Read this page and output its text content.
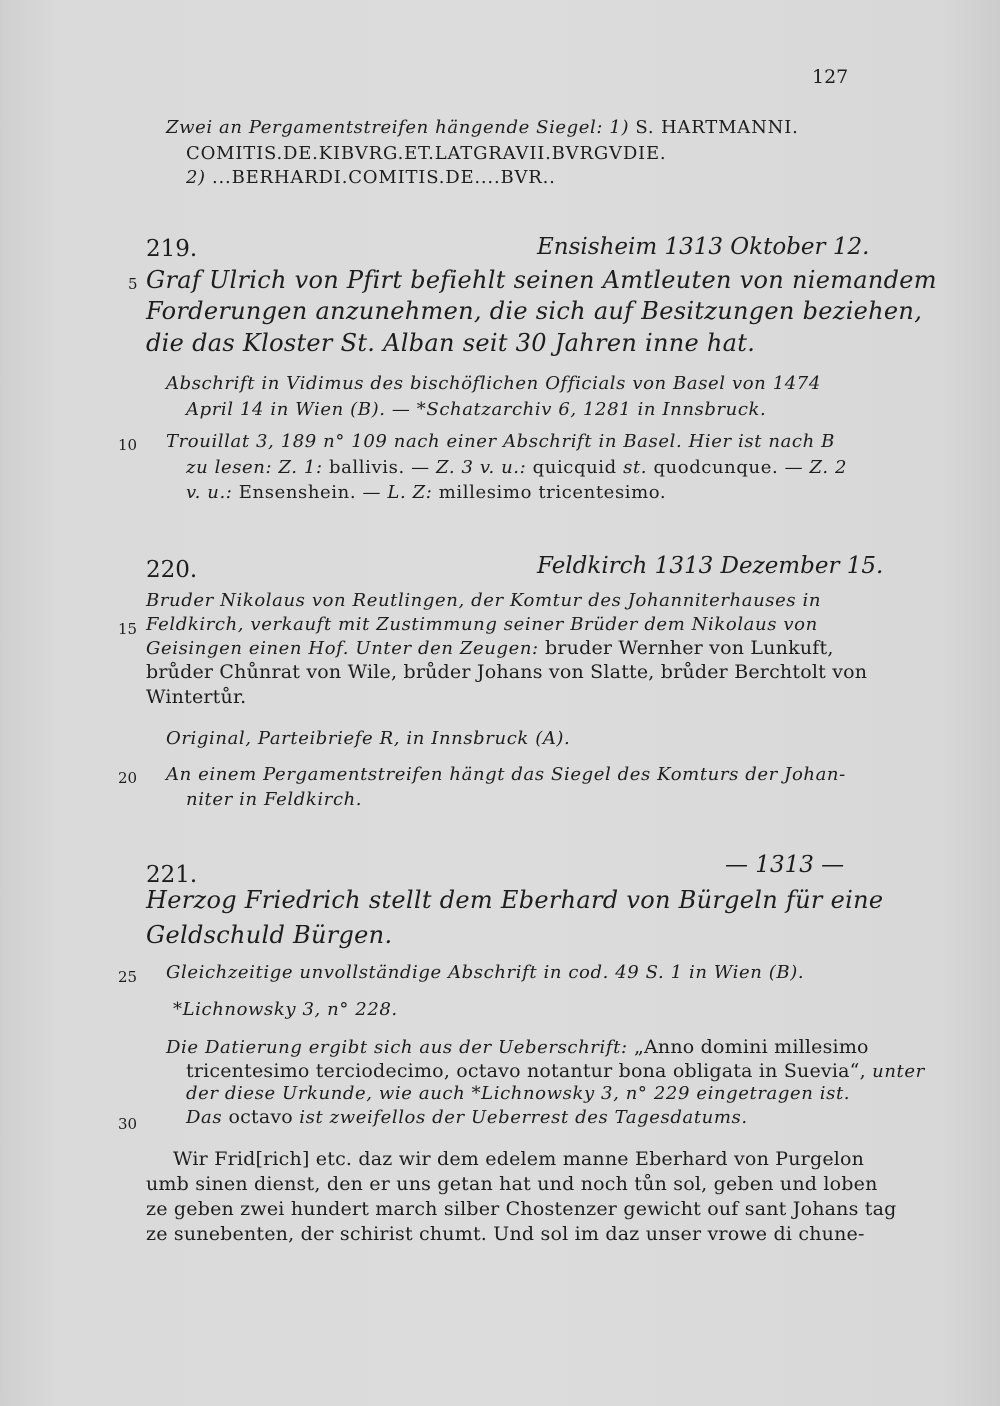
127
Zwei an Pergamentstreifen hängende Siegel: 1) S. HARTMANNI.
COMITIS.DE.KIBVRG.ET.LATGRAVII.BVRGVDIE.
2) ...BERHARDI.COMITIS.DE....BVR..
219.	Ensisheim 1313 Oktober 12.
5 Graf Ulrich von Pfirt befiehlt seinen Amtleuten von niemandem
Forderungen anzunehmen, die sich auf Besitzungen beziehen,
die das Kloster St. Alban seit 30 Jahren inne hat.
Abschrift in Vidimus des bischöflichen Officials von Basel von 1474
April 14 in Wien (B). — *Schatzarchiv 6, 1281 in Innsbruck.
10 Trouillat 3, 189 n° 109 nach einer Abschrift in Basel. Hier ist nach B
zu lesen: Z. 1: ballivis. — Z. 3 v. u.: quicquid st. quodcunque. — Z. 2
v. u.: Ensenshein. — L. Z: millesimo tricentesimo.
220.	Feldkirch 1313 Dezember 15.
Bruder Nikolaus von Reutlingen, der Komtur des Johanniterhauses in
15 Feldkirch, verkauft mit Zustimmung seiner Brüder dem Nikolaus von
Geisingen einen Hof. Unter den Zeugen: bruder Wernher von Lunkuft,
brůder Chůnrat von Wile, brůder Johans von Slatte, brůder Berchtolt von
Wintertůr.
Original, Parteibriefe R, in Innsbruck (A).
20 An einem Pergamentstreifen hängt das Siegel des Komturs der Johan-
niter in Feldkirch.
221.	— 1313 —
Herzog Friedrich stellt dem Eberhard von Bürgeln für eine
Geldschuld Bürgen.
25 Gleichzeitige unvollständige Abschrift in cod. 49 S. 1 in Wien (B).
*Lichnowsky 3, n° 228.
Die Datierung ergibt sich aus der Ueberschrift: „Anno domini millesimo
tricentesimo terciodecimo, octavo notantur bona obligata in Suevia“, unter
der diese Urkunde, wie auch *Lichnowsky 3, n° 229 eingetragen ist.
30	Das octavo ist zweifellos der Ueberrest des Tagesdatums.
Wir Frid[rich] etc. daz wir dem edelem manne Eberhard von Purgelon
umb sinen dienst, den er uns getan hat und noch tůn sol, geben und loben
ze geben zwei hundert march silber Chostenzer gewicht ouf sant Johans tag
ze sunebenten, der schirist chumt. Und sol im daz unser vrowe di chune-
